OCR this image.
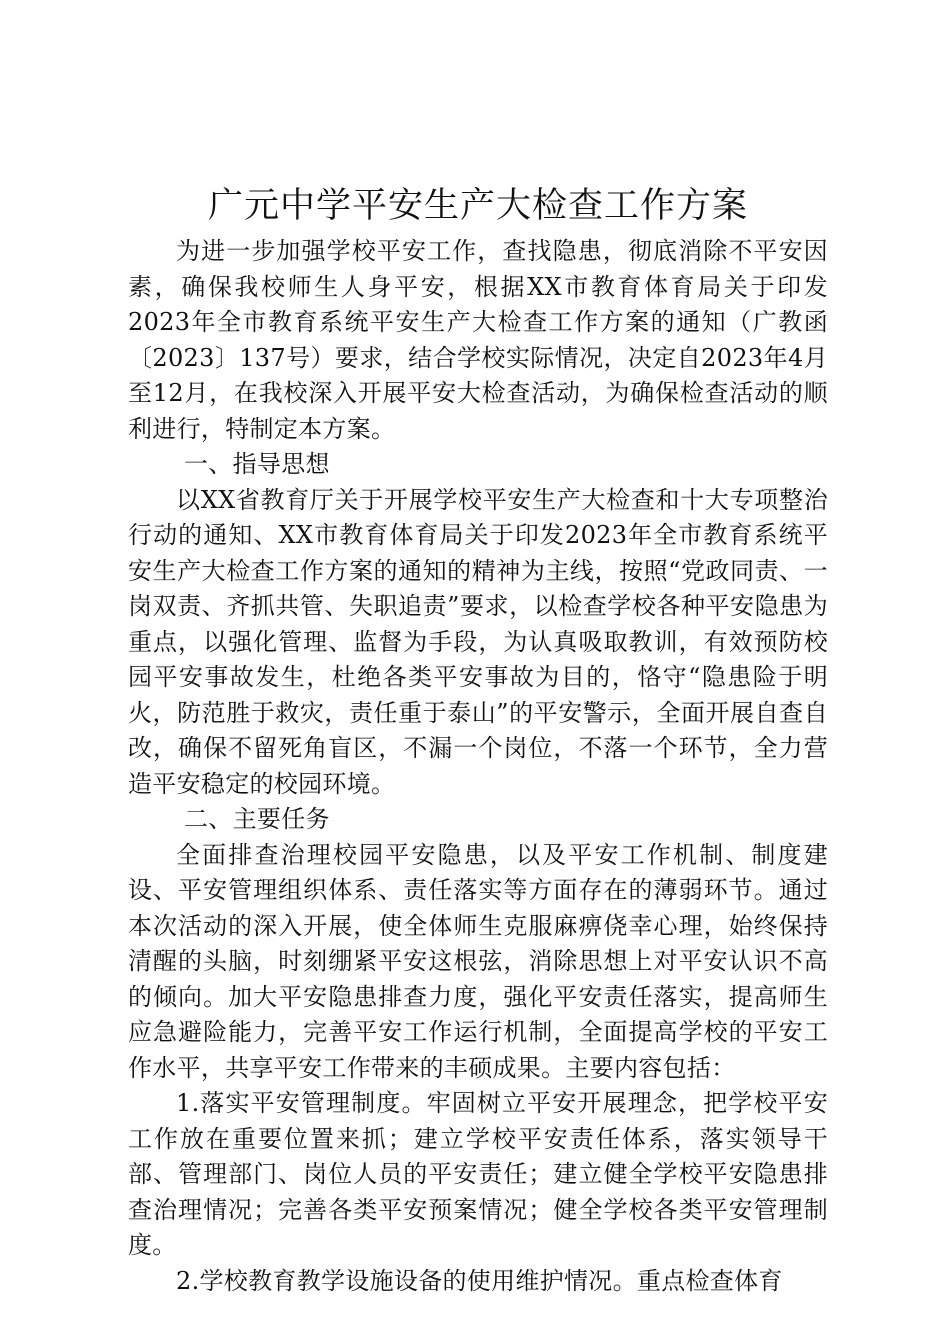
广元中学平安生产大检查工作方案

为进一步加强学校平安工作，查找隐患，彻底消除不平安因素，确保我校师生人身平安，根据XX市教育体育局关于印发2023年全市教育系统平安生产大检查工作方案的通知（广教函〔2023〕137号）要求，结合学校实际情况，决定自2023年4月至12月，在我校深入开展平安大检查活动，为确保检查活动的顺利进行，特制定本方案。

一、指导思想

以XX省教育厅关于开展学校平安生产大检查和十大专项整治行动的通知、XX市教育体育局关于印发2023年全市教育系统平安生产大检查工作方案的通知的精神为主线，按照“党政同责、一岗双责、齐抓共管、失职追责”要求，以检查学校各种平安隐患为重点，以强化管理、监督为手段，为认真吸取教训，有效预防校园平安事故发生，杜绝各类平安事故为目的，恪守“隐患险于明火，防范胜于救灾，责任重于泰山”的平安警示，全面开展自查自改，确保不留死角盲区，不漏一个岗位，不落一个环节，全力营造平安稳定的校园环境。

二、主要任务

全面排查治理校园平安隐患，以及平安工作机制、制度建设、平安管理组织体系、责任落实等方面存在的薄弱环节。通过本次活动的深入开展，使全体师生克服麻痹侥幸心理，始终保持清醒的头脑，时刻绷紧平安这根弦，消除思想上对平安认识不高的倾向。加大平安隐患排查力度，强化平安责任落实，提高师生应急避险能力，完善平安工作运行机制，全面提高学校的平安工作水平，共享平安工作带来的丰硕成果。主要内容包括：

1.落实平安管理制度。牢固树立平安开展理念，把学校平安工作放在重要位置来抓；建立学校平安责任体系，落实领导干部、管理部门、岗位人员的平安责任；建立健全学校平安隐患排查治理情况；完善各类平安预案情况；健全学校各类平安管理制度。

2.学校教育教学设施设备的使用维护情况。重点检查体育
